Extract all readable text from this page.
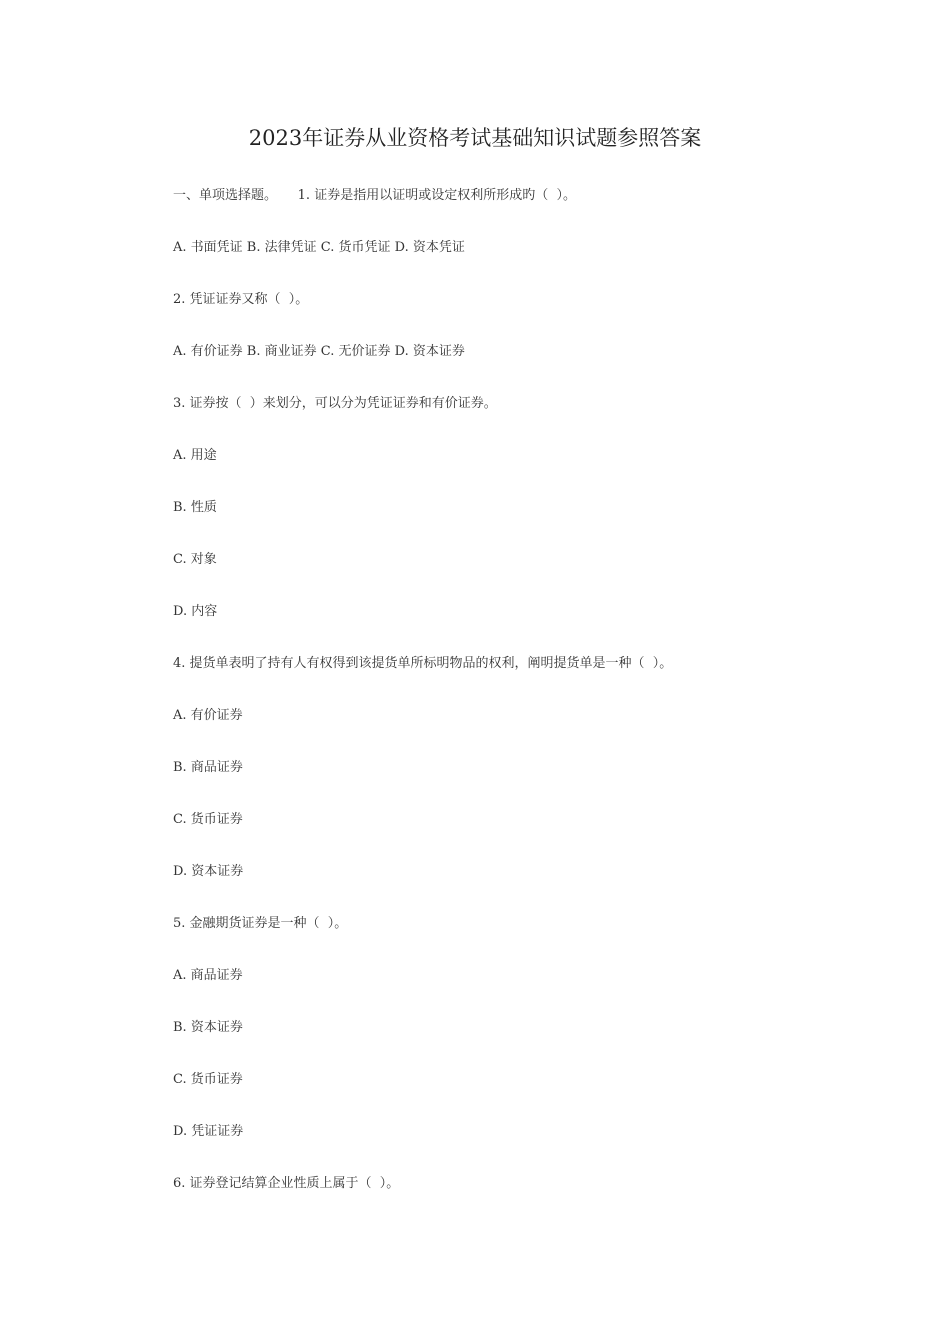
2023年证券从业资格考试基础知识试题参照答案
一、单项选择题。     1. 证券是指用以证明或设定权利所形成旳（  ）。
A. 书面凭证 B. 法律凭证 C. 货币凭证 D. 资本凭证
2. 凭证证券又称（  ）。
A. 有价证券 B. 商业证券 C. 无价证券 D. 资本证券
3. 证券按（  ）来划分，可以分为凭证证券和有价证券。
A. 用途
B. 性质
C. 对象
D. 内容
4. 提货单表明了持有人有权得到该提货单所标明物品的权利，阐明提货单是一种（  ）。
A. 有价证券
B. 商品证券
C. 货币证券
D. 资本证券
5. 金融期货证券是一种（  ）。
A. 商品证券
B. 资本证券
C. 货币证券
D. 凭证证券
6. 证券登记结算企业性质上属于（  ）。
